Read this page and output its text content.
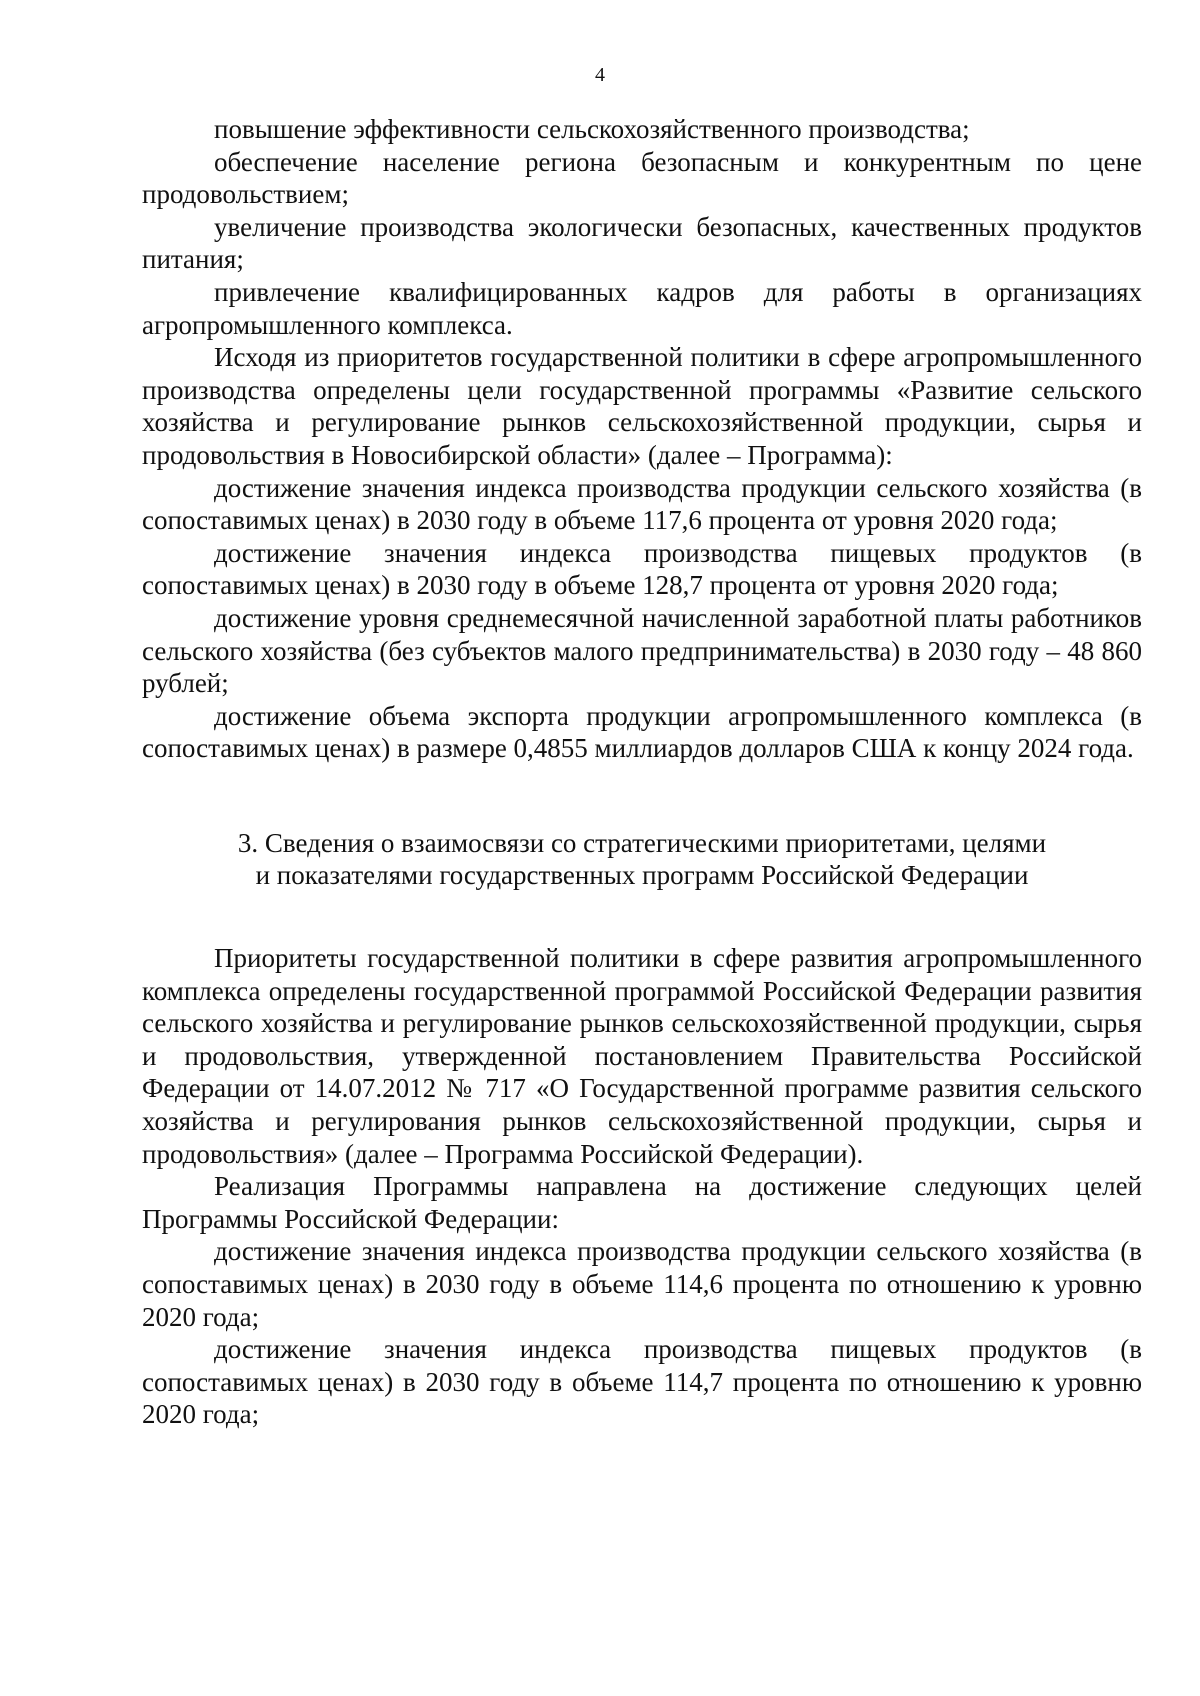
4

повышение эффективности сельскохозяйственного производства;

обеспечение население региона безопасным и конкурентным по цене продовольствием;

увеличение производства экологически безопасных, качественных продуктов питания;

привлечение квалифицированных кадров для работы в организациях агропромышленного комплекса.

Исходя из приоритетов государственной политики в сфере агропромышленного производства определены цели государственной программы «Развитие сельского хозяйства и регулирование рынков сельскохозяйственной продукции, сырья и продовольствия в Новосибирской области» (далее – Программа):

достижение значения индекса производства продукции сельского хозяйства (в сопоставимых ценах) в 2030 году в объеме 117,6 процента от уровня 2020 года;

достижение значения индекса производства пищевых продуктов (в сопоставимых ценах) в 2030 году в объеме 128,7 процента от уровня 2020 года;

достижение уровня среднемесячной начисленной заработной платы работников сельского хозяйства (без субъектов малого предпринимательства) в 2030 году – 48 860 рублей;

достижение объема экспорта продукции агропромышленного комплекса (в сопоставимых ценах) в размере 0,4855 миллиардов долларов США к концу 2024 года.

3. Сведения о взаимосвязи со стратегическими приоритетами, целями
и показателями государственных программ Российской Федерации

Приоритеты государственной политики в сфере развития агропромышленного комплекса определены государственной программой Российской Федерации развития сельского хозяйства и регулирование рынков сельскохозяйственной продукции, сырья и продовольствия, утвержденной постановлением Правительства Российской Федерации от 14.07.2012 № 717 «О Государственной программе развития сельского хозяйства и регулирования рынков сельскохозяйственной продукции, сырья и продовольствия» (далее – Программа Российской Федерации).

Реализация Программы направлена на достижение следующих целей Программы Российской Федерации:

достижение значения индекса производства продукции сельского хозяйства (в сопоставимых ценах) в 2030 году в объеме 114,6 процента по отношению к уровню 2020 года;

достижение значения индекса производства пищевых продуктов (в сопоставимых ценах) в 2030 году в объеме 114,7 процента по отношению к уровню 2020 года;
